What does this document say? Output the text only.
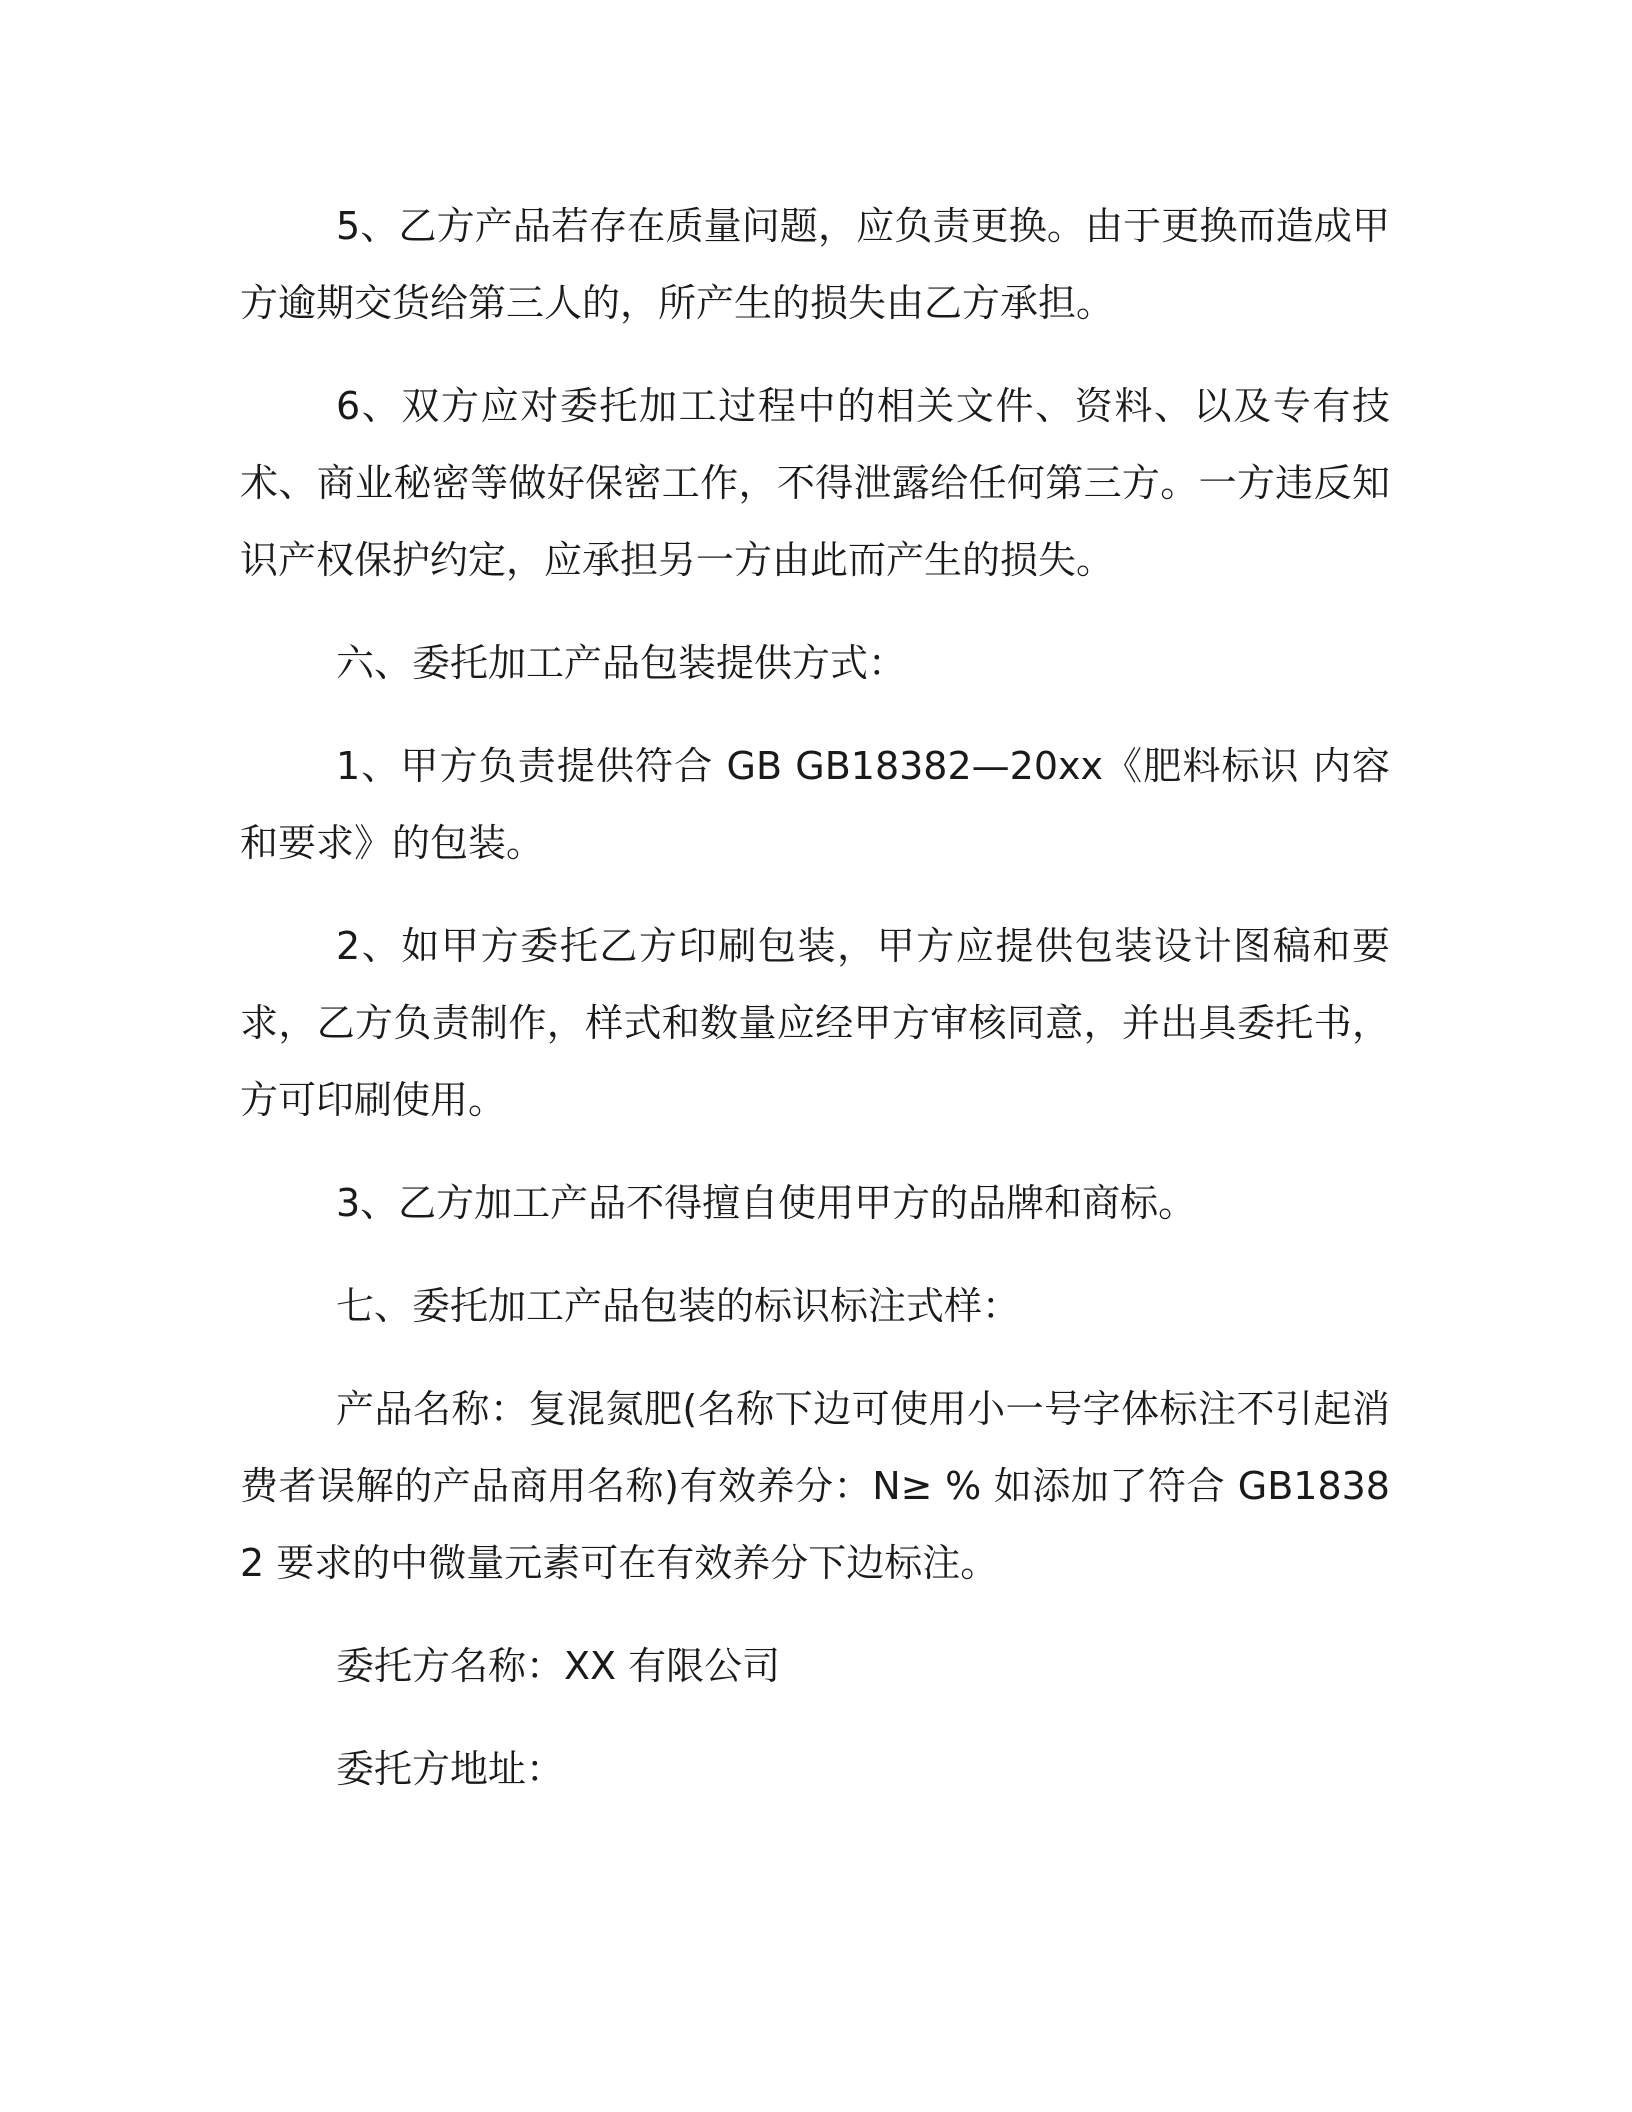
5、乙方产品若存在质量问题，应负责更换。由于更换而造成甲方逾期交货给第三人的，所产生的损失由乙方承担。

6、双方应对委托加工过程中的相关文件、资料、以及专有技术、商业秘密等做好保密工作，不得泄露给任何第三方。一方违反知识产权保护约定，应承担另一方由此而产生的损失。

六、委托加工产品包装提供方式：

1、甲方负责提供符合 GB GB18382—20xx《肥料标识 内容和要求》的包装。

2、如甲方委托乙方印刷包装，甲方应提供包装设计图稿和要求，乙方负责制作，样式和数量应经甲方审核同意，并出具委托书，方可印刷使用。

3、乙方加工产品不得擅自使用甲方的品牌和商标。

七、委托加工产品包装的标识标注式样：

产品名称：复混氮肥(名称下边可使用小一号字体标注不引起消费者误解的产品商用名称)有效养分：N≥ % 如添加了符合 GB18382 要求的中微量元素可在有效养分下边标注。

委托方名称：XX 有限公司

委托方地址：
